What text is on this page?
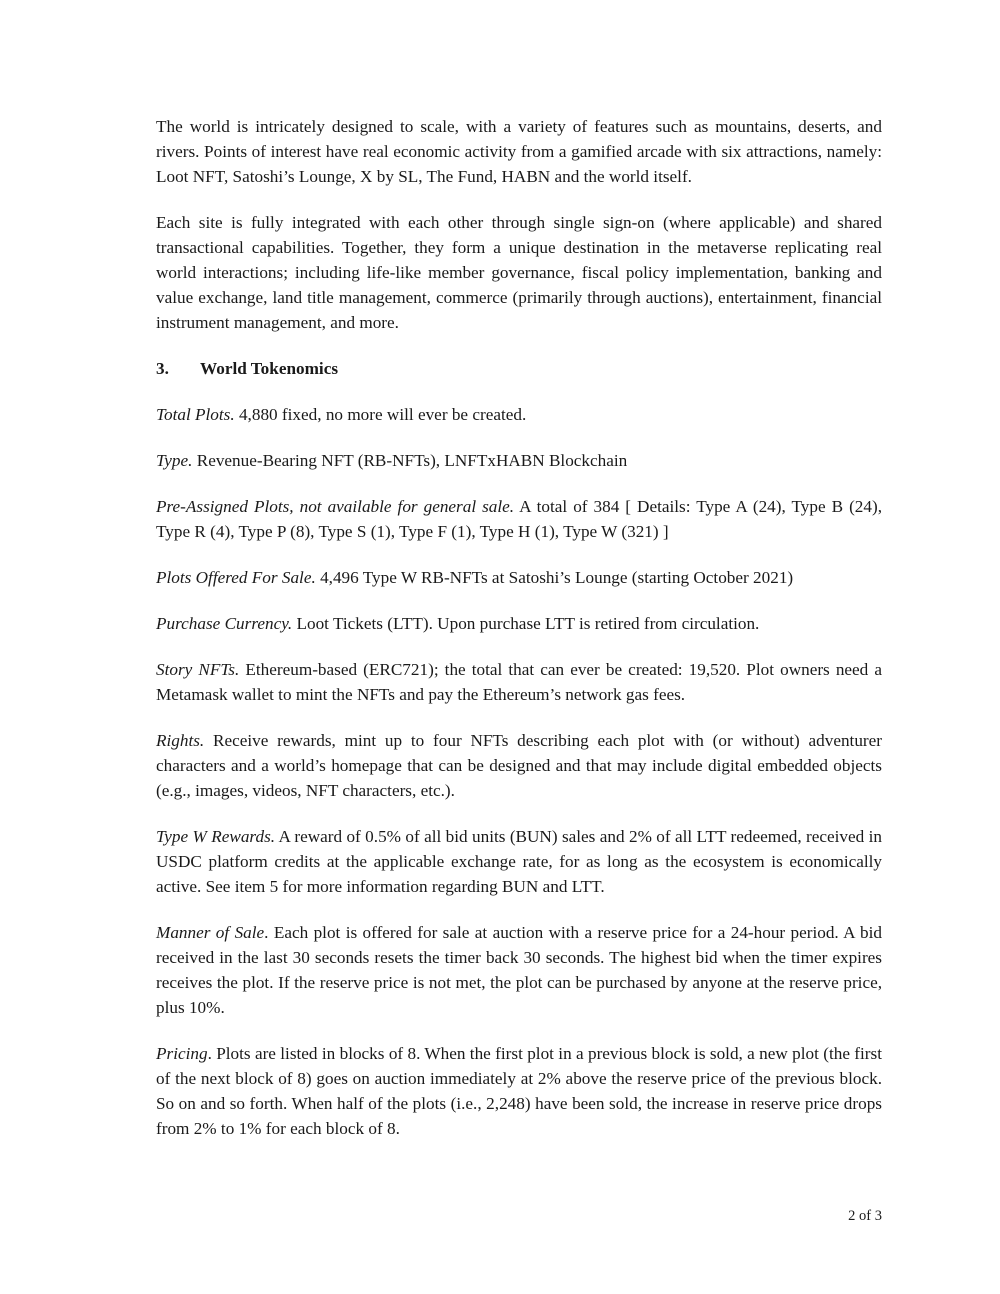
The world is intricately designed to scale, with a variety of features such as mountains, deserts, and rivers. Points of interest have real economic activity from a gamified arcade with six attractions, namely: Loot NFT, Satoshi’s Lounge, X by SL, The Fund, HABN and the world itself.

Each site is fully integrated with each other through single sign-on (where applicable) and shared transactional capabilities. Together, they form a unique destination in the metaverse replicating real world interactions; including life-like member governance, fiscal policy implementation, banking and value exchange, land title management, commerce (primarily through auctions), entertainment, financial instrument management, and more.

3. World Tokenomics

Total Plots. 4,880 fixed, no more will ever be created.

Type. Revenue-Bearing NFT (RB-NFTs), LNFTxHABN Blockchain

Pre-Assigned Plots, not available for general sale. A total of 384 [ Details: Type A (24), Type B (24), Type R (4), Type P (8), Type S (1), Type F (1), Type H (1), Type W (321) ]

Plots Offered For Sale. 4,496 Type W RB-NFTs at Satoshi’s Lounge (starting October 2021)

Purchase Currency. Loot Tickets (LTT). Upon purchase LTT is retired from circulation.

Story NFTs. Ethereum-based (ERC721); the total that can ever be created: 19,520. Plot owners need a Metamask wallet to mint the NFTs and pay the Ethereum’s network gas fees.

Rights. Receive rewards, mint up to four NFTs describing each plot with (or without) adventurer characters and a world’s homepage that can be designed and that may include digital embedded objects (e.g., images, videos, NFT characters, etc.).

Type W Rewards. A reward of 0.5% of all bid units (BUN) sales and 2% of all LTT redeemed, received in USDC platform credits at the applicable exchange rate, for as long as the ecosystem is economically active. See item 5 for more information regarding BUN and LTT.

Manner of Sale. Each plot is offered for sale at auction with a reserve price for a 24-hour period. A bid received in the last 30 seconds resets the timer back 30 seconds. The highest bid when the timer expires receives the plot. If the reserve price is not met, the plot can be purchased by anyone at the reserve price, plus 10%.

Pricing. Plots are listed in blocks of 8. When the first plot in a previous block is sold, a new plot (the first of the next block of 8) goes on auction immediately at 2% above the reserve price of the previous block. So on and so forth. When half of the plots (i.e., 2,248) have been sold, the increase in reserve price drops from 2% to 1% for each block of 8.

2 of 3
